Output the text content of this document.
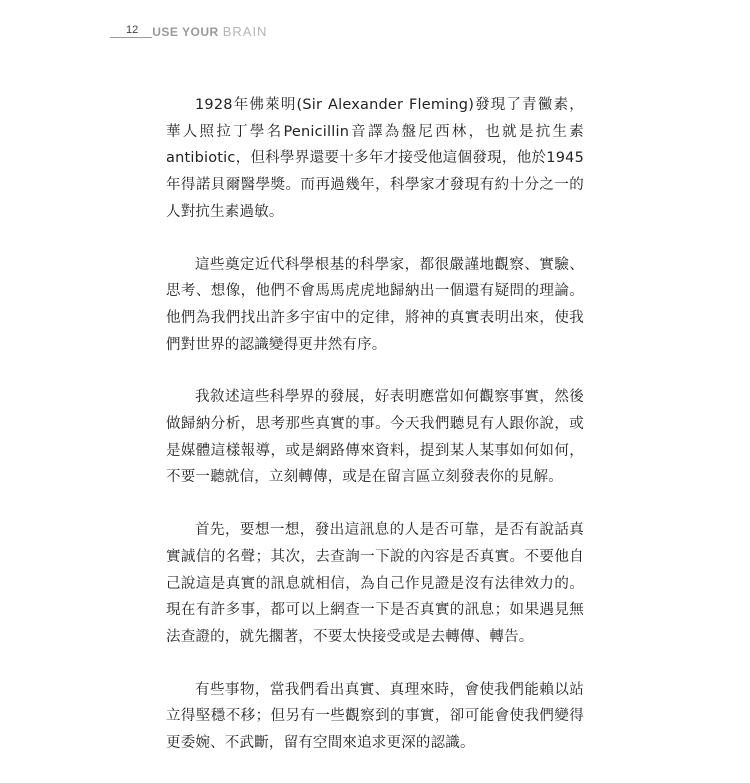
12 USE YOUR BRAIN

1928年佛萊明(Sir Alexander Fleming)發現了青黴素，華人照拉丁學名Penicillin音譯為盤尼西林，也就是抗生素antibiotic，但科學界還要十多年才接受他這個發現，他於1945年得諾貝爾醫學獎。而再過幾年，科學家才發現有約十分之一的人對抗生素過敏。

這些奠定近代科學根基的科學家，都很嚴謹地觀察、實驗、思考、想像，他們不會馬馬虎虎地歸納出一個還有疑問的理論。他們為我們找出許多宇宙中的定律，將神的真實表明出來，使我們對世界的認識變得更井然有序。

我敘述這些科學界的發展，好表明應當如何觀察事實，然後做歸納分析，思考那些真實的事。今天我們聽見有人跟你說，或是媒體這樣報導，或是網路傳來資料，提到某人某事如何如何，不要一聽就信，立刻轉傳，或是在留言區立刻發表你的見解。

首先，要想一想，發出這訊息的人是否可靠，是否有說話真實誠信的名聲；其次，去查詢一下說的內容是否真實。不要他自己說這是真實的訊息就相信，為自己作見證是沒有法律效力的。現在有許多事，都可以上網查一下是否真實的訊息；如果遇見無法查證的，就先擱著，不要太快接受或是去轉傳、轉告。

有些事物，當我們看出真實、真理來時，會使我們能賴以站立得堅穩不移；但另有一些觀察到的事實，卻可能會使我們變得更委婉、不武斷，留有空間來追求更深的認識。
